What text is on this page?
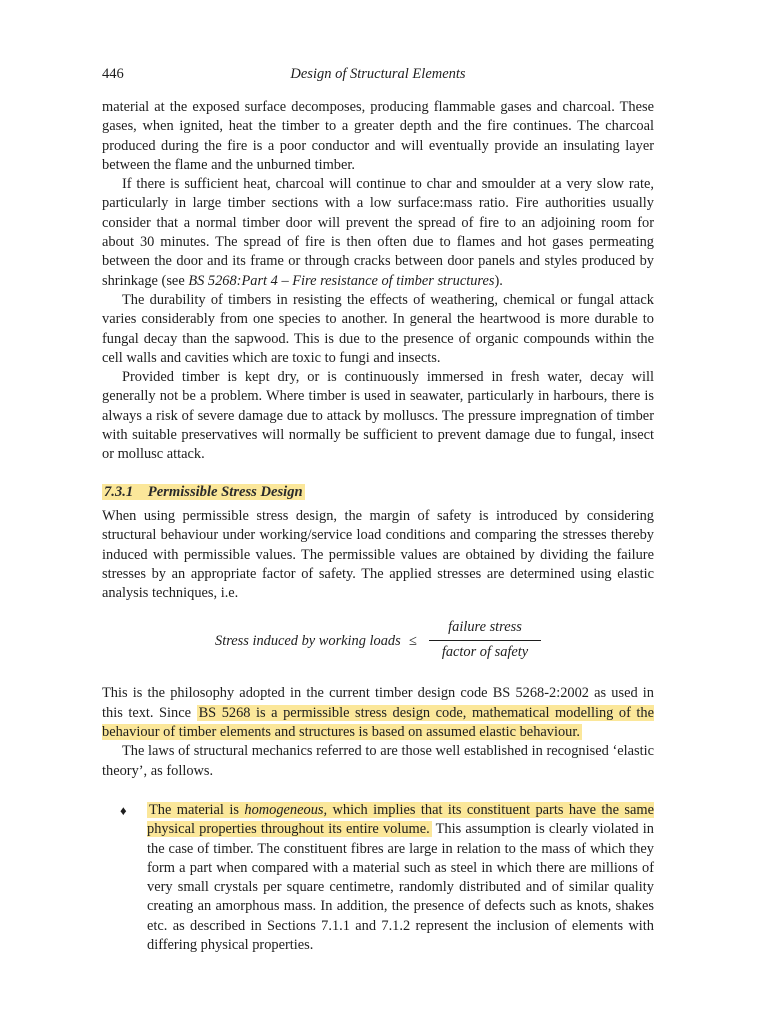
446	Design of Structural Elements

material at the exposed surface decomposes, producing flammable gases and charcoal. These gases, when ignited, heat the timber to a greater depth and the fire continues. The charcoal produced during the fire is a poor conductor and will eventually provide an insulating layer between the flame and the unburned timber.

If there is sufficient heat, charcoal will continue to char and smoulder at a very slow rate, particularly in large timber sections with a low surface:mass ratio. Fire authorities usually consider that a normal timber door will prevent the spread of fire to an adjoining room for about 30 minutes. The spread of fire is then often due to flames and hot gases permeating between the door and its frame or through cracks between door panels and styles produced by shrinkage (see BS 5268:Part 4 – Fire resistance of timber structures).

The durability of timbers in resisting the effects of weathering, chemical or fungal attack varies considerably from one species to another. In general the heartwood is more durable to fungal decay than the sapwood. This is due to the presence of organic compounds within the cell walls and cavities which are toxic to fungi and insects.

Provided timber is kept dry, or is continuously immersed in fresh water, decay will generally not be a problem. Where timber is used in seawater, particularly in harbours, there is always a risk of severe damage due to attack by molluscs. The pressure impregnation of timber with suitable preservatives will normally be sufficient to prevent damage due to fungal, insect or mollusc attack.

7.3.1 Permissible Stress Design

When using permissible stress design, the margin of safety is introduced by considering structural behaviour under working/service load conditions and comparing the stresses thereby induced with permissible values. The permissible values are obtained by dividing the failure stresses by an appropriate factor of safety. The applied stresses are determined using elastic analysis techniques, i.e.

Stress induced by working loads ≤
failure stress
factor of safety

This is the philosophy adopted in the current timber design code BS 5268-2:2002 as used in this text. Since BS 5268 is a permissible stress design code, mathematical modelling of the behaviour of timber elements and structures is based on assumed elastic behaviour.

The laws of structural mechanics referred to are those well established in recognised ‘elastic theory’, as follows.

♦ The material is homogeneous, which implies that its constituent parts have the same physical properties throughout its entire volume. This assumption is clearly violated in the case of timber. The constituent fibres are large in relation to the mass of which they form a part when compared with a material such as steel in which there are millions of very small crystals per square centimetre, randomly distributed and of similar quality creating an amorphous mass. In addition, the presence of defects such as knots, shakes etc. as described in Sections 7.1.1 and 7.1.2 represent the inclusion of elements with differing physical properties.
